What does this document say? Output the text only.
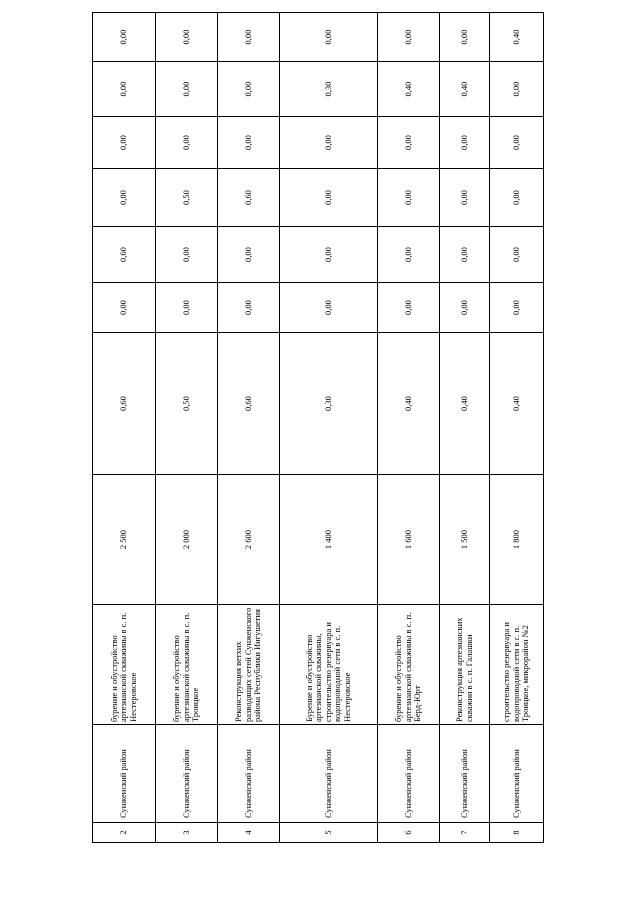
2	Сунженский район	бурение и обустройство артезианской скважины в с. п. Нестеровское	2 500	0,60	0,00	0,60	0,00	0,00	0,00	0,00
3	Сунженский район	бурение и обустройство артезианской скважины в с. п. Троицкое	2 000	0,50	0,00	0,00	0,50	0,00	0,00	0,00
4	Сунженский район	Реконструкция ветхих разводящих сетей Сунженского района Республики Ингушетия	2 600	0,60	0,00	0,00	0,60	0,00	0,00	0,00
5	Сунженский район	Бурение и обустройство артезианской скважины, строительство резервуара и водопроводной сети в с. п. Нестеровское	1 400	0,30	0,00	0,00	0,00	0,00	0,30	0,00
6	Сунженский район	бурение и обустройство артезианской скважины в с. п. Берд-Юрт	1 600	0,40	0,00	0,00	0,00	0,00	0,40	0,00
7	Сунженский район	Реконструкция артезианских скважин в с. п. Галашки	1 500	0,40	0,00	0,00	0,00	0,00	0,40	0,00
8	Сунженский район	строительство резервуара и водопроводной сети в с. п. Троицкое, микрорайон №2	1 800	0,40	0,00	0,00	0,00	0,00	0,00	0,40
